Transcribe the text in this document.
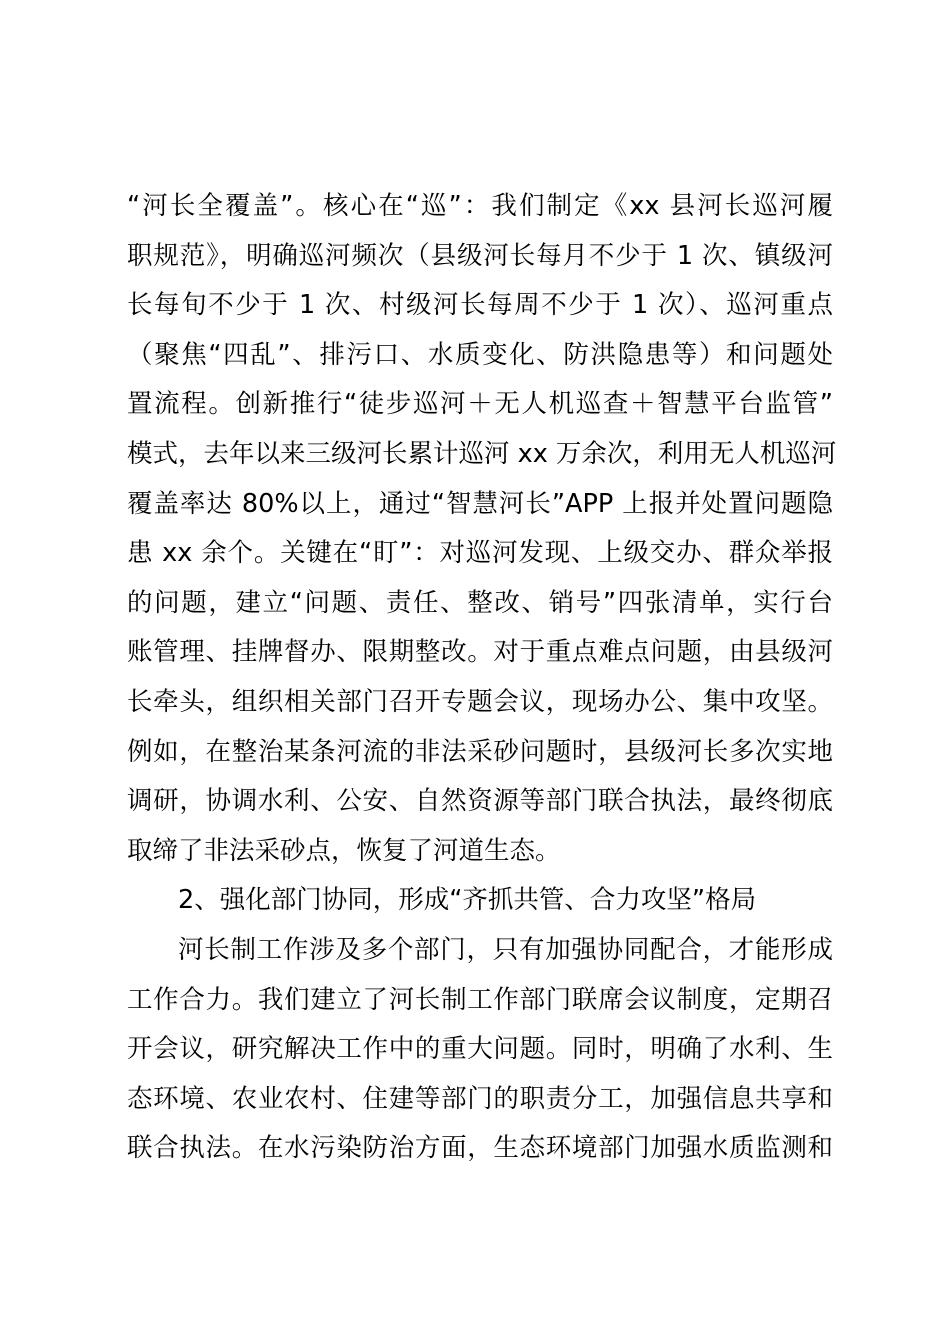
“河长全覆盖”。核心在“巡”：我们制定《xx 县河长巡河履
职规范》，明确巡河频次（县级河长每月不少于 1 次、镇级河
长每旬不少于 1 次、村级河长每周不少于 1 次）、巡河重点
（聚焦“四乱”、排污口、水质变化、防洪隐患等）和问题处
置流程。创新推行“徒步巡河＋无人机巡查＋智慧平台监管”
模式，去年以来三级河长累计巡河 xx 万余次，利用无人机巡河
覆盖率达 80%以上，通过“智慧河长”APP 上报并处置问题隐
患 xx 余个。关键在“盯”：对巡河发现、上级交办、群众举报
的问题，建立“问题、责任、整改、销号”四张清单，实行台
账管理、挂牌督办、限期整改。对于重点难点问题，由县级河
长牵头，组织相关部门召开专题会议，现场办公、集中攻坚。
例如，在整治某条河流的非法采砂问题时，县级河长多次实地
调研，协调水利、公安、自然资源等部门联合执法，最终彻底
取缔了非法采砂点，恢复了河道生态。
2、强化部门协同，形成“齐抓共管、合力攻坚”格局
河长制工作涉及多个部门，只有加强协同配合，才能形成
工作合力。我们建立了河长制工作部门联席会议制度，定期召
开会议，研究解决工作中的重大问题。同时，明确了水利、生
态环境、农业农村、住建等部门的职责分工，加强信息共享和
联合执法。在水污染防治方面，生态环境部门加强水质监测和
